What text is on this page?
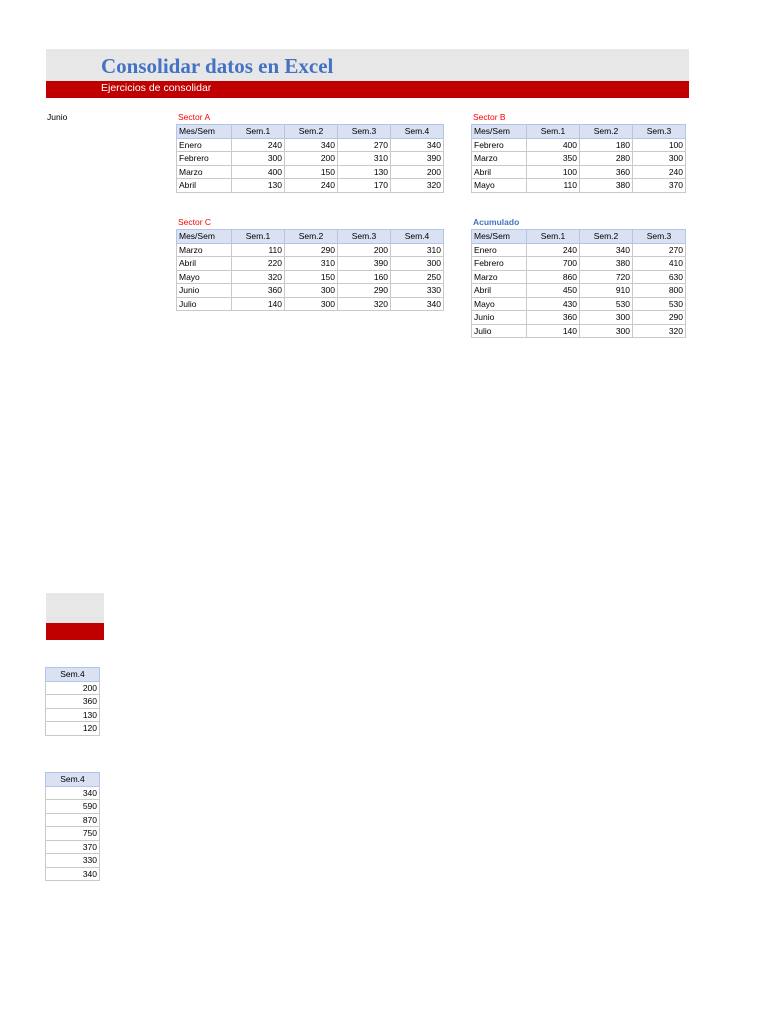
Consolidar datos en Excel
Ejercicios de consolidar
Junio	Sector A
Mes/Sem	Sem.1	Sem.2	Sem.3	Sem.4
Enero	240	340	270	340
Febrero	300	200	310	390
Marzo	400	150	130	200
Abril	130	240	170	320
Sector B
Mes/Sem	Sem.1	Sem.2	Sem.3
Febrero	400	180	100
Marzo	350	280	300
Abril	100	360	240
Mayo	110	380	370
Sector C
Mes/Sem	Sem.1	Sem.2	Sem.3	Sem.4
Marzo	110	290	200	310
Abril	220	310	390	300
Mayo	320	150	160	250
Junio	360	300	290	330
Julio	140	300	320	340
Acumulado
Mes/Sem	Sem.1	Sem.2	Sem.3
Enero	240	340	270
Febrero	700	380	410
Marzo	860	720	630
Abril	450	910	800
Mayo	430	530	530
Junio	360	300	290
Julio	140	300	320
Sem.4
200
360
130
120
Sem.4
340
590
870
750
370
330
340
